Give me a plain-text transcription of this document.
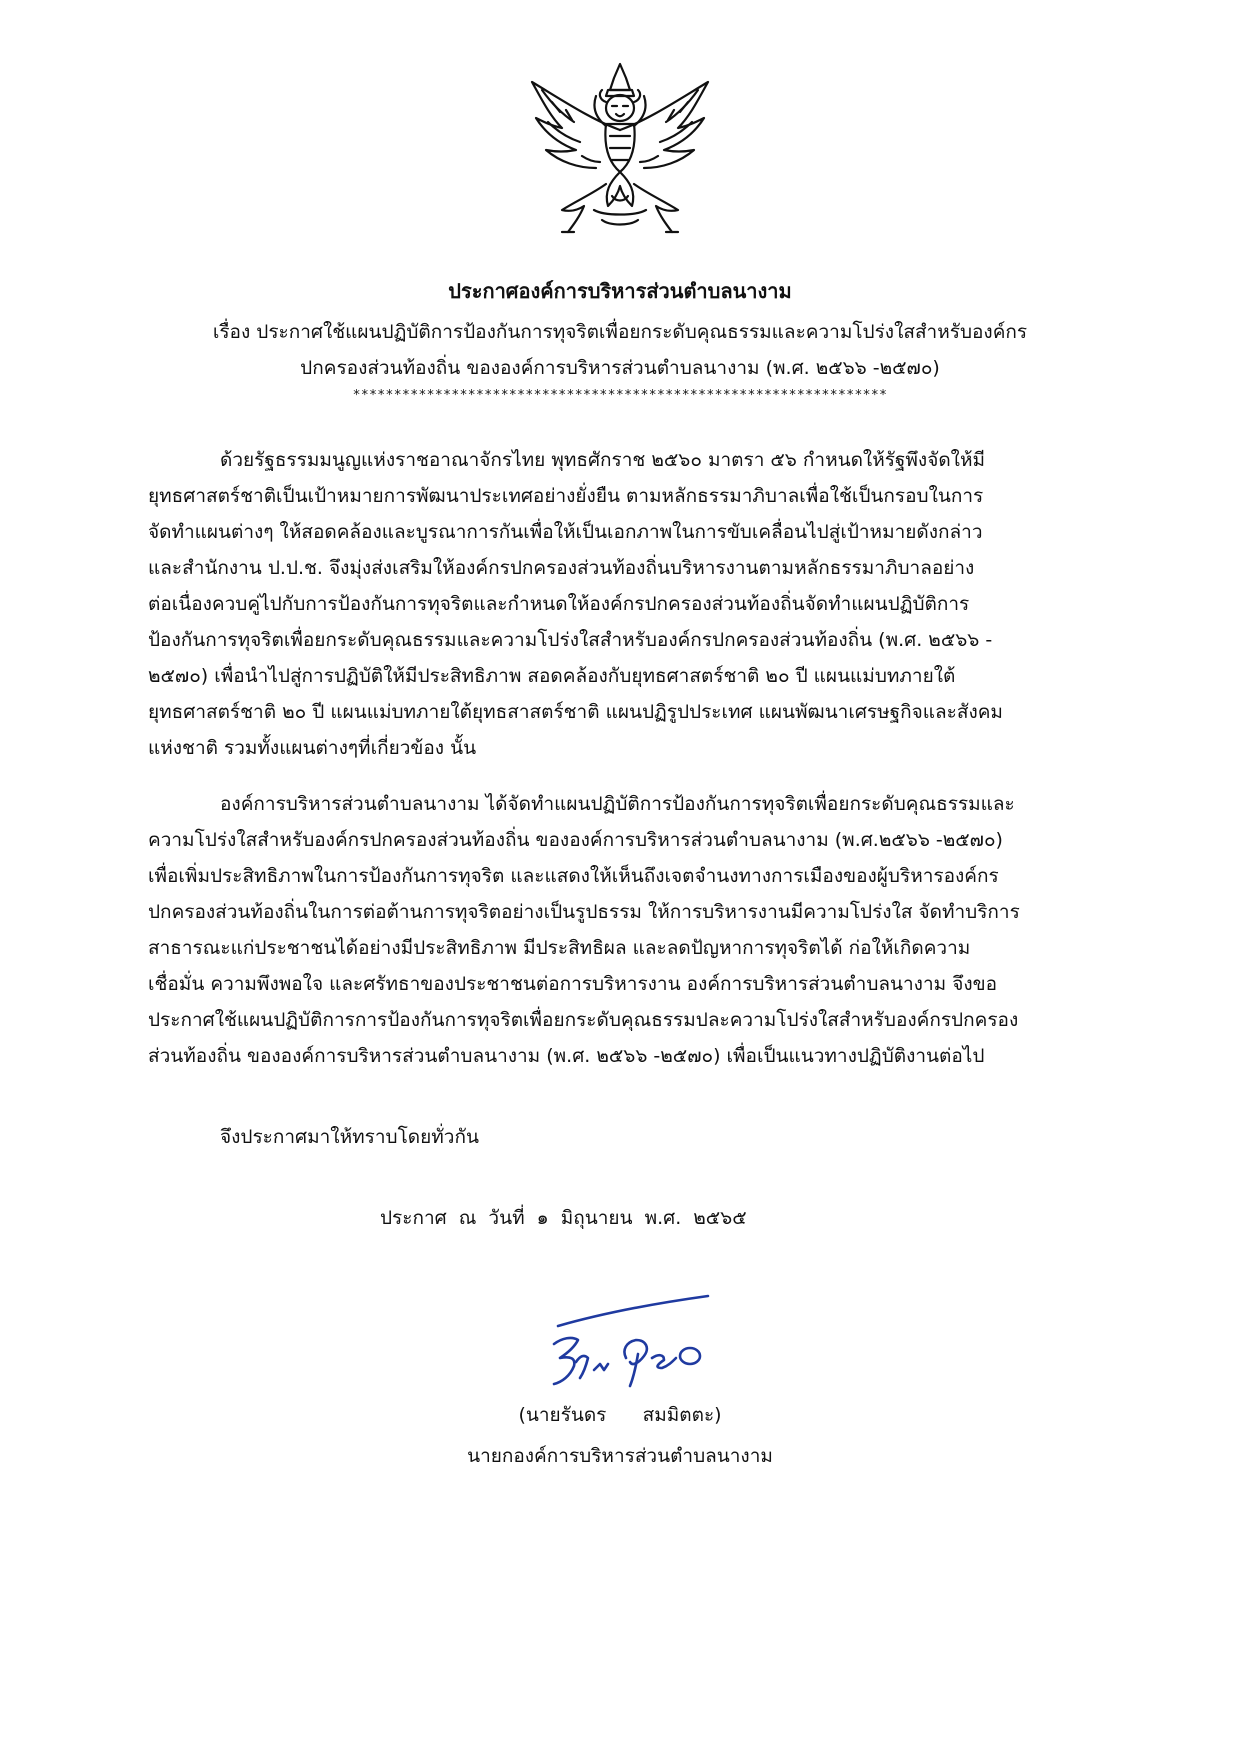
ประกาศองค์การบริหารส่วนตำบลนางาม
เรื่อง ประกาศใช้แผนปฏิบัติการป้องกันการทุจริตเพื่อยกระดับคุณธรรมและความโปร่งใสสำหรับองค์กร
ปกครองส่วนท้องถิ่น ขององค์การบริหารส่วนตำบลนางาม (พ.ศ. ๒๕๖๖ -๒๕๗๐)
*****************************************************************
ด้วยรัฐธรรมมนูญแห่งราชอาณาจักรไทย พุทธศักราช ๒๕๖๐ มาตรา ๕๖ กำหนดให้รัฐพึงจัดให้มี
ยุทธศาสตร์ชาติเป็นเป้าหมายการพัฒนาประเทศอย่างยั่งยืน ตามหลักธรรมาภิบาลเพื่อใช้เป็นกรอบในการ
จัดทำแผนต่างๆ ให้สอดคล้องและบูรณาการกันเพื่อให้เป็นเอกภาพในการขับเคลื่อนไปสู่เป้าหมายดังกล่าว
และสำนักงาน ป.ป.ช. จึงมุ่งส่งเสริมให้องค์กรปกครองส่วนท้องถิ่นบริหารงานตามหลักธรรมาภิบาลอย่าง
ต่อเนื่องควบคู่ไปกับการป้องกันการทุจริตและกำหนดให้องค์กรปกครองส่วนท้องถิ่นจัดทำแผนปฏิบัติการ
ป้องกันการทุจริตเพื่อยกระดับคุณธรรมและความโปร่งใสสำหรับองค์กรปกครองส่วนท้องถิ่น (พ.ศ. ๒๕๖๖ -
๒๕๗๐) เพื่อนำไปสู่การปฏิบัติให้มีประสิทธิภาพ สอดคล้องกับยุทธศาสตร์ชาติ ๒๐ ปี แผนแม่บทภายใต้
ยุทธศาสตร์ชาติ ๒๐ ปี แผนแม่บทภายใต้ยุทธสาสตร์ชาติ แผนปฏิรูปประเทศ แผนพัฒนาเศรษฐกิจและสังคม
แห่งชาติ รวมทั้งแผนต่างๆที่เกี่ยวข้อง นั้น
องค์การบริหารส่วนตำบลนางาม ได้จัดทำแผนปฏิบัติการป้องกันการทุจริตเพื่อยกระดับคุณธรรมและ
ความโปร่งใสสำหรับองค์กรปกครองส่วนท้องถิ่น ขององค์การบริหารส่วนตำบลนางาม (พ.ศ.๒๕๖๖ -๒๕๗๐)
เพื่อเพิ่มประสิทธิภาพในการป้องกันการทุจริต และแสดงให้เห็นถึงเจตจำนงทางการเมืองของผู้บริหารองค์กร
ปกครองส่วนท้องถิ่นในการต่อต้านการทุจริตอย่างเป็นรูปธรรม ให้การบริหารงานมีความโปร่งใส จัดทำบริการ
สาธารณะแก่ประชาชนได้อย่างมีประสิทธิภาพ มีประสิทธิผล และลดปัญหาการทุจริตได้ ก่อให้เกิดความ
เชื่อมั่น ความพึงพอใจ และศรัทธาของประชาชนต่อการบริหารงาน องค์การบริหารส่วนตำบลนางาม จึงขอ
ประกาศใช้แผนปฏิบัติการการป้องกันการทุจริตเพื่อยกระดับคุณธรรมปละความโปร่งใสสำหรับองค์กรปกครอง
ส่วนท้องถิ่น ขององค์การบริหารส่วนตำบลนางาม (พ.ศ. ๒๕๖๖ -๒๕๗๐) เพื่อเป็นแนวทางปฏิบัติงานต่อไป
จึงประกาศมาให้ทราบโดยทั่วกัน
ประกาศ ณ วันที่ ๑ มิถุนายน พ.ศ. ๒๕๖๕
(นายรันดร      สมมิตตะ)
นายกองค์การบริหารส่วนตำบลนางาม
